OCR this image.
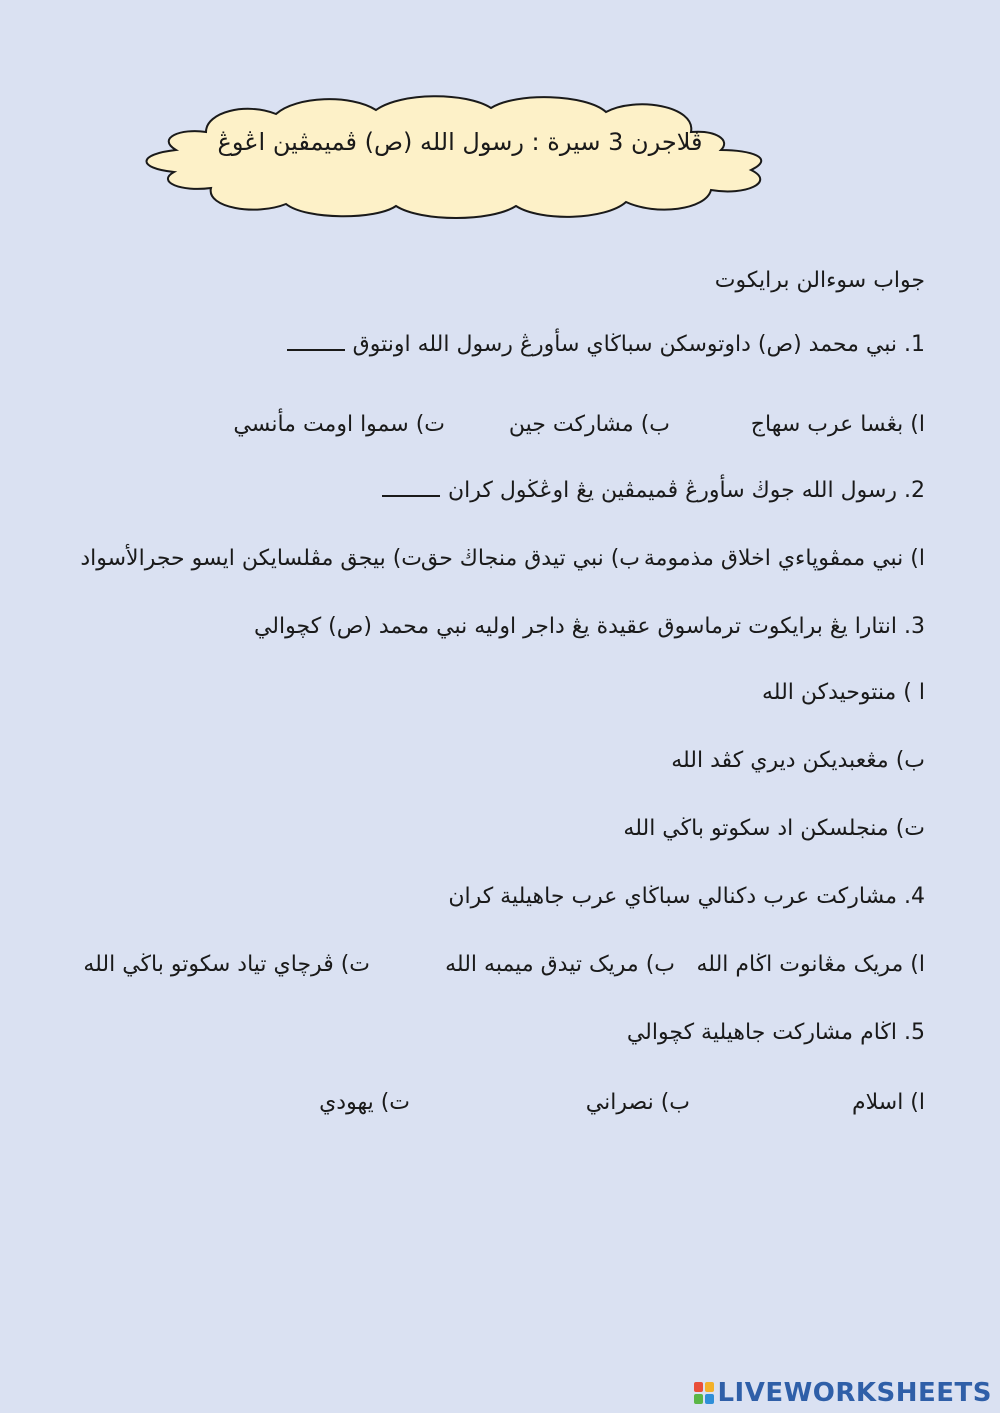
ڤلاجرن 3 سيرة : رسول الله (ص) ڤميمڤين اڠوڠ
جواب سوءالن برايکوت
1. نبي محمد (ص) داوتوسکن سباڬاي سأورڠ رسول الله اونتوق
ا) بڠسا عرب سهاج
ب) مشارکت جين
ت) سموا اومت مأنسي
2. رسول الله جوڬ سأورڠ ڤميمڤين يڠ اوڠڬول کران
ا) نبي ممڤوڽاءي اخلاق مذمومة
ب) نبي تيدق منجاڬ حق
ت) بيجق مڤلسايکن ايسو حجرالأسواد
3. انتارا يڠ برايکوت ترماسوق عقيدة يڠ داجر اوليه نبي محمد (ص) کچوالي
ا ) منتوحيدکن الله
ب) مڠعبديکن ديري کڤد الله
ت) منجلسکن اد سکوتو باڬي الله
4. مشارکت عرب دکنالي سباڬاي عرب جاهيلية کران
ا) مريک مڠانوت اڬام الله
ب) مريک تيدق ميمبه الله
ت) ڤرچاي تياد سکوتو باڬي الله
5. اڬام مشارکت جاهيلية کچوالي
ا) اسلام
ب) نصراني
ت) يهودي
LIVEWORKSHEETS
